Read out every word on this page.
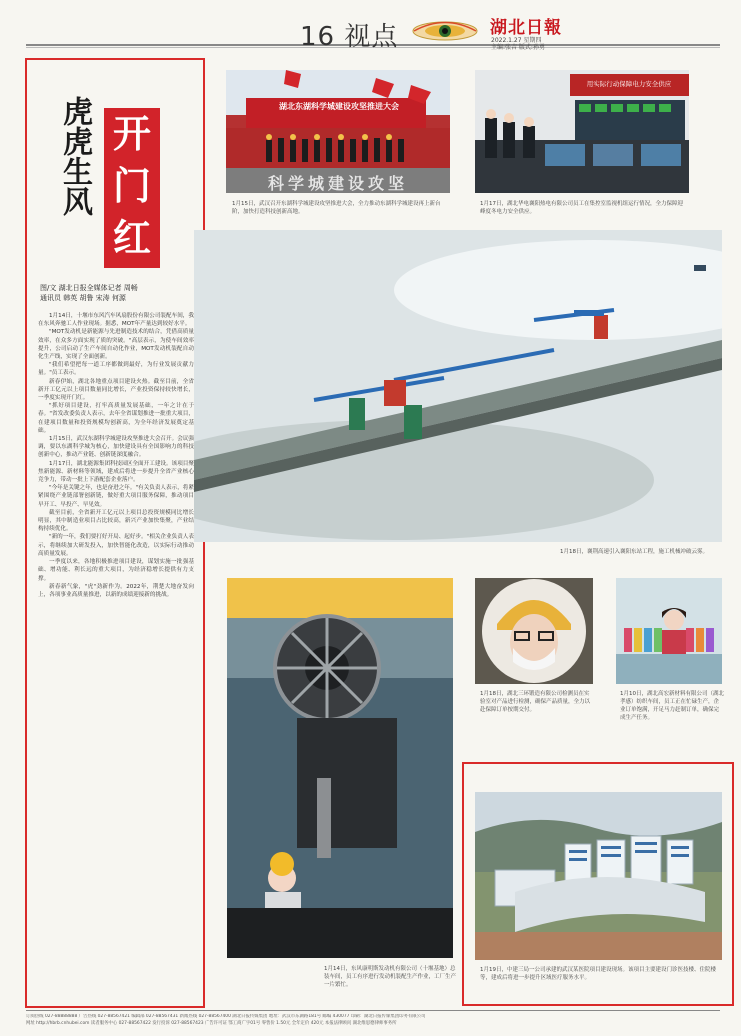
16 视点	湖北日報
2022.1.27 星期四
主编:张吉 版式:孙勇
虎虎生风 开
门
红
图/文 湖北日报全媒体记者 周畅
通讯员 韩英 胡鲁 宋涛 何源

1月14日，十堰市东风汽车风扇股份有限公司装配车间，我在东风奔驰工人作业现场。据悉，MOT年产量达到较好水平。

"MOT发动机是新能源与先进制造技术的结合，凭借高质量效率，在众多方面实现了质的突破。"高层表示，为使车间效率提升，公司启动了生产车间自动化作业，MOT发动机装配自动化生产线，实现了全面创新。

"我们希望把每一道工序都做到最好，为行业发展贡献力量。"员工表示。

新春伊始，湖北各地重点项目建设火热。截至目前，全省新开工亿元以上项目数量同比增长，产业投资保持较快增长，一季度实现开门红。

"抓好项目建设，打牢高质量发展基础，一年之计在于春。"省发改委负责人表示，去年全省谋划推进一批重大项目，在建项目数量和投资规模均创新高，为全年经济发展奠定基础。

1月15日，武汉东湖科学城建设攻坚推进大会召开。会议强调，要以东湖科学城为核心，加快建设具有全国影响力的科技创新中心，推动产业链、创新链深度融合。

1月17日，湖北能源集团科技园区全面开工建设。该项目聚焦新能源、新材料等领域，建成后将进一步提升全省产业核心竞争力，带动一批上下游配套企业落户。

"今年是关键之年，也是奋进之年。"有关负责人表示，将紧紧围绕产业链部署创新链，做好重大项目服务保障，推动项目早开工、早投产、早见效。

截至目前，全省新开工亿元以上项目总投资规模同比增长明显，其中制造业项目占比较高，新兴产业加快集聚，产业结构持续优化。

"新的一年，我们要打好开局、起好步。"相关企业负责人表示，将继续加大研发投入，加快智能化改造，以实际行动推动高质量发展。

一季度以来，各地积极推进项目建设，谋划实施一批强基础、增功能、利长远的重大项目，为经济稳增长提供有力支撑。

新春新气象，"虎"劲新作为。2022年，荆楚大地奋发向上，各项事业高质量推进，以新的成绩迎接新的挑战。

湖北东湖科学城建设攻坚推进大会
科学城建设攻坚
1月15日，武汉召开东湖科学城建设攻坚推进大会，全力推动东湖科学城建设再上新台阶，加快打造科技创新高地。
用实际行动保障电力安全供应
1月17日，湖北华电襄阳热电有限公司员工在集控室监视机组运行情况，全力保障迎峰度冬电力安全供应。
1月18日，襄荆高速引入襄阳东站工程，施工机械冲破云雾。
1月14日，东风康明斯发动机有限公司（十堰基地）总装车间，员工有序进行发动机装配生产作业，工厂生产一片繁忙。
1月18日，湖北三环锻造有限公司检测员在实验室对产品进行检测，确保产品质量，全力以赴保障订单按期交付。
1月10日，湖北高宏新材料有限公司（湖北孝感）纺织车间，员工正在忙碌生产，企业订单饱满，开足马力赶制订单，确保完成生产任务。
1月19日，中建三局一公司承建的武汉某医院项目建设现场。该项目主要建设门诊医技楼、住院楼等，建成后将进一步提升区域医疗服务水平。
订阅热线 027-88888888 广告热线 027-88567421 编辑部 027-88567431 新闻热线 027-88567400 湖北日报传媒集团 地址：武汉市东湖路181号 邮编 430077 印刷：湖北日报传媒集团印务有限公司
网址 http://hbrb.cnhubei.com 读者服务中心 027-88567422 发行投诉 027-88567423 广告许可证 鄂工商广字01号 零售价 1.50元 全年定价 420元 本报法律顾问 湖北维思德律师事务所
